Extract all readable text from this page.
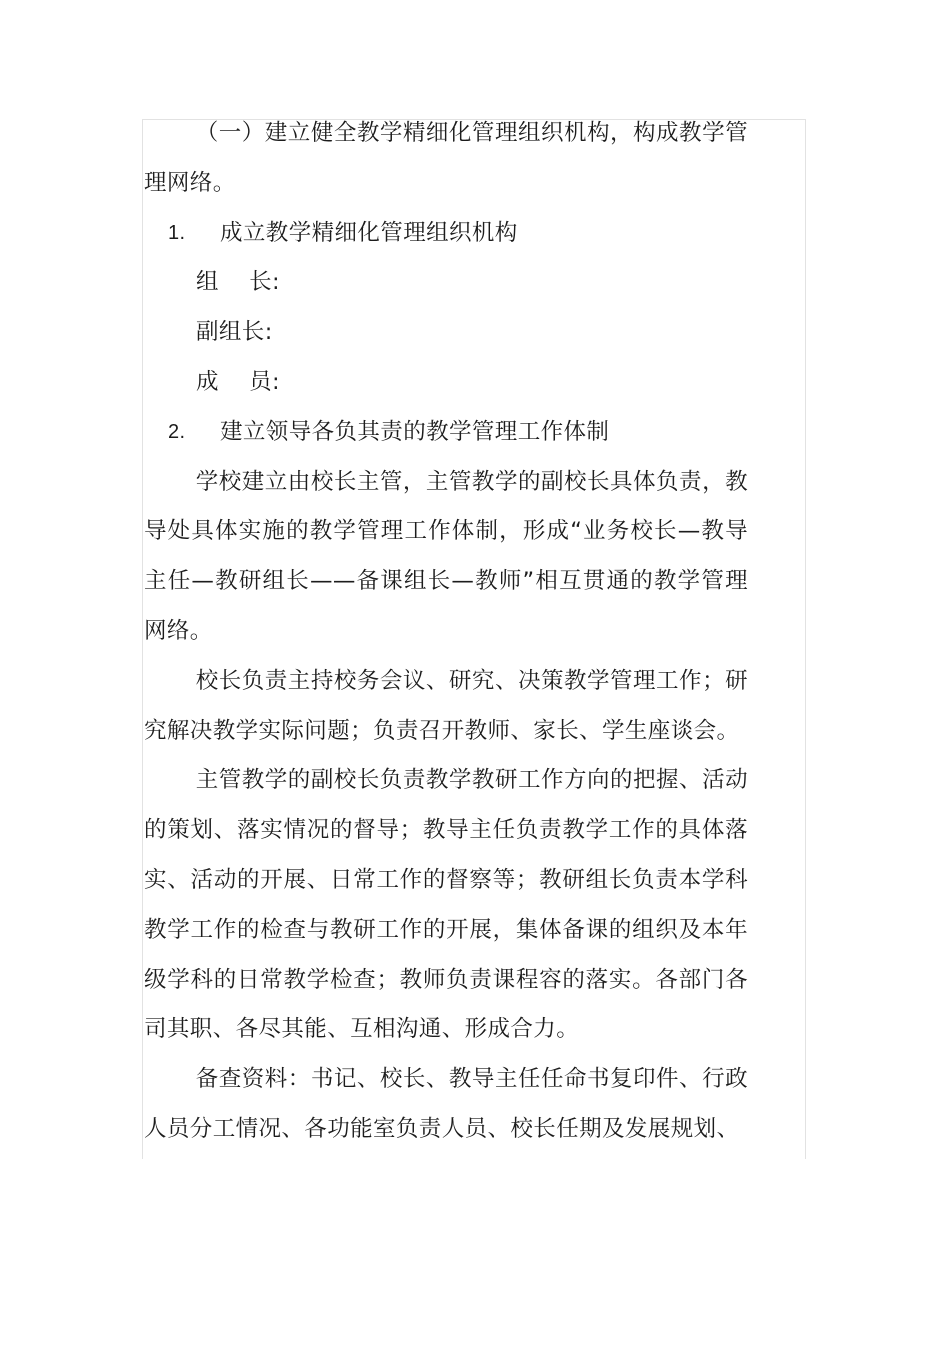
（一）建立健全教学精细化管理组织机构，构成教学管理网络。

1.	成立教学精细化管理组织机构

组    长:

副组长:

成    员:

2.	建立领导各负其责的教学管理工作体制

学校建立由校长主管，主管教学的副校长具体负责，教导处具体实施的教学管理工作体制，形成“业务校长—教导主任—教研组长——备课组长—教师”相互贯通的教学管理网络。

校长负责主持校务会议、研究、决策教学管理工作；研究解决教学实际问题；负责召开教师、家长、学生座谈会。

主管教学的副校长负责教学教研工作方向的把握、活动的策划、落实情况的督导；教导主任负责教学工作的具体落实、活动的开展、日常工作的督察等；教研组长负责本学科教学工作的检查与教研工作的开展，集体备课的组织及本年级学科的日常教学检查；教师负责课程容的落实。各部门各司其职、各尽其能、互相沟通、形成合力。

备查资料：书记、校长、教导主任任命书复印件、行政人员分工情况、各功能室负责人员、校长任期及发展规划、
